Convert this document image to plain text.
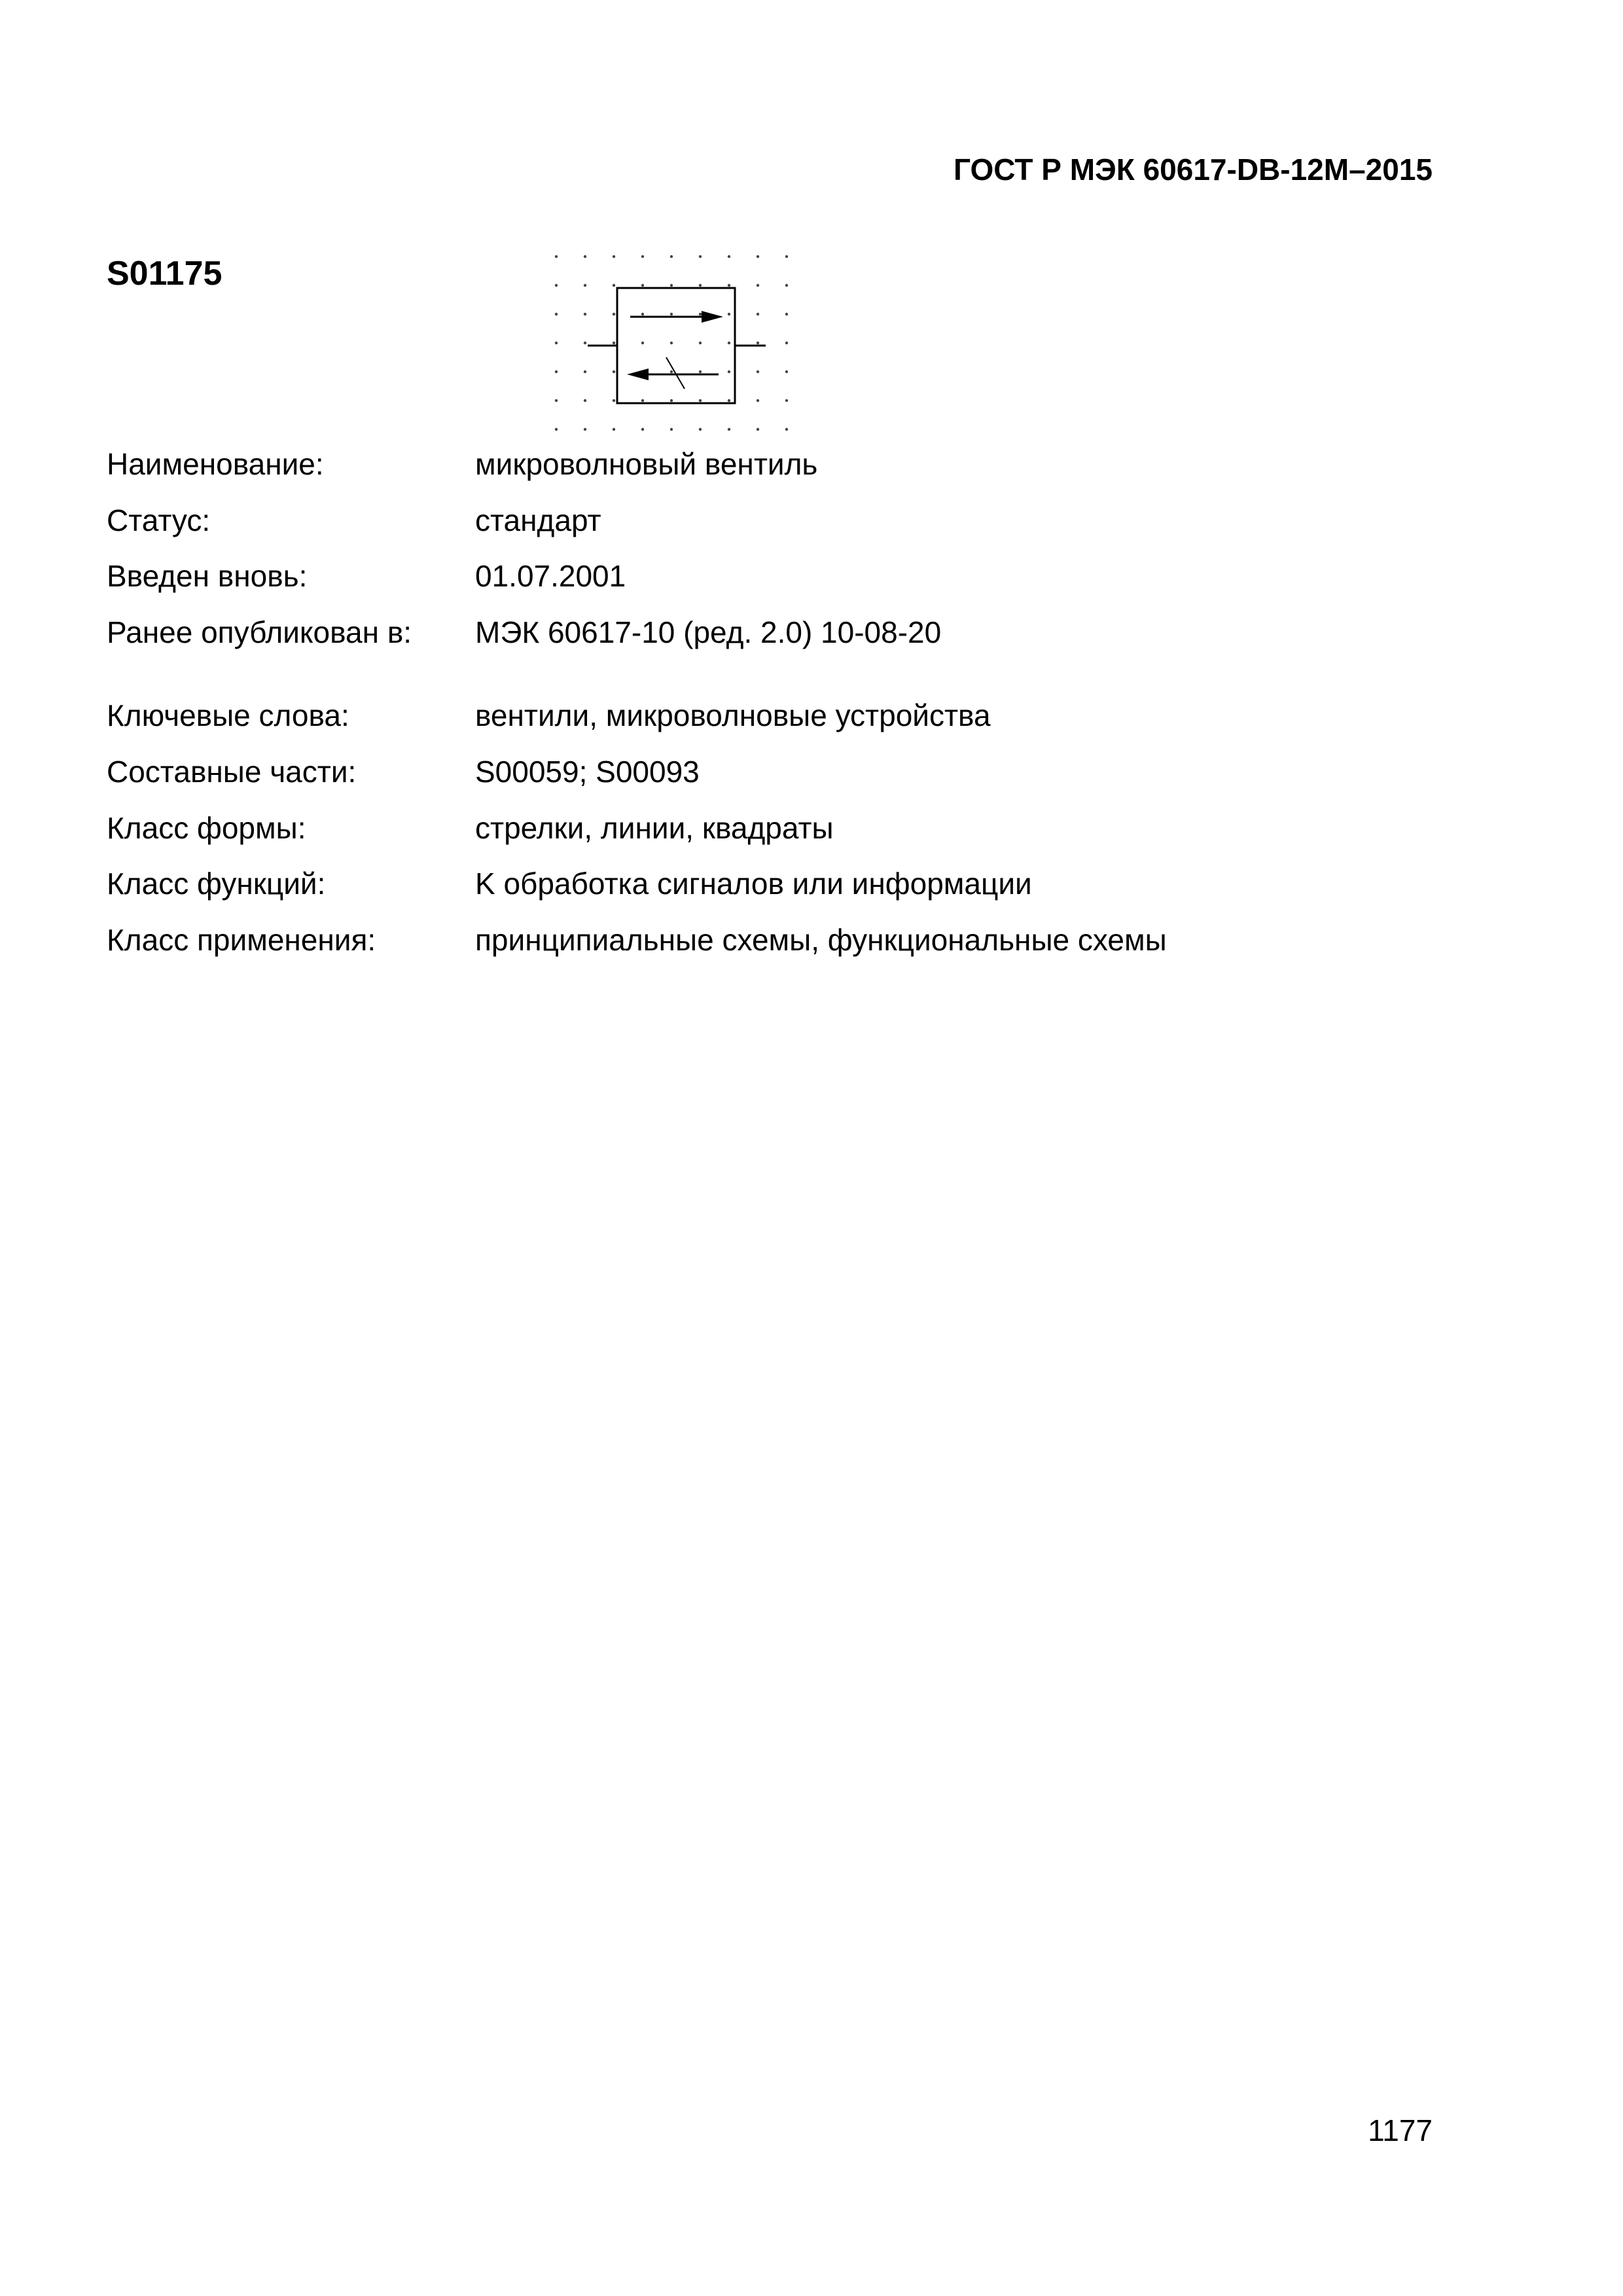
ГОСТ Р МЭК 60617-DB-12M–2015
S01175
Наименование:	микроволновый вентиль
Статус:	стандарт
Введен вновь:	01.07.2001
Ранее опубликован в: МЭК 60617-10 (ред. 2.0) 10-08-20
Ключевые слова:	вентили, микроволновые устройства
Составные части:	S00059; S00093
Класс формы:	стрелки, линии, квадраты
Класс функций:	K обработка сигналов или информации
Класс применения:	принципиальные схемы, функциональные схемы
1177
